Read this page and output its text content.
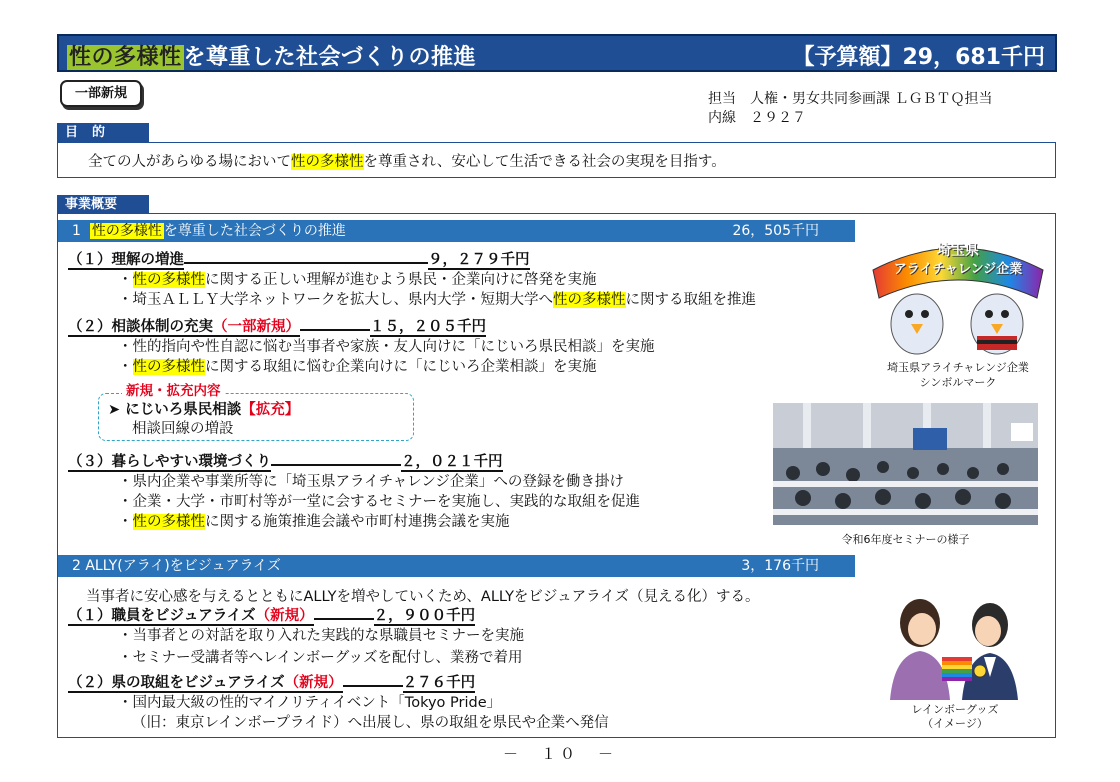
性の多様性を尊重した社会づくりの推進	【予算額】29，681千円
一部新規	担当　人権・男女共同参画課 ＬＧＢＴＱ担当
内線　２９２７
目的
全ての人があらゆる場において性の多様性を尊重され、安心して生活できる社会の実現を目指す。
事業概要
1 性の多様性 を尊重した社会づくりの推進	26，505千円
（１）理解の増進	９，２７９千円
・性の多様性に関する正しい理解が進むよう県民・企業向けに啓発を実施
・埼玉ＡＬＬＹ大学ネットワークを拡大し、県内大学・短期大学へ性の多様性に関する取組を推進
（２）相談体制の充実（一部新規）	１５，２０５千円
・性的指向や性自認に悩む当事者や家族・友人向けに「にじいろ県民相談」を実施
・性の多様性に関する取組に悩む企業向けに「にじいろ企業相談」を実施
新規・拡充内容
➤ にじいろ県民相談【拡充】
相談回線の増設
（３）暮らしやすい環境づくり	２，０２１千円
・県内企業や事業所等に「埼玉県アライチャレンジ企業」への登録を働き掛け
・企業・大学・市町村等が一堂に会するセミナーを実施し、実践的な取組を促進
・性の多様性に関する施策推進会議や市町村連携会議を実施
2 ALLY(アライ)をビジュアライズ	3，176千円
当事者に安心感を与えるとともにALLYを増やしていくため、ALLYをビジュアライズ（見える化）する。
（１）職員をビジュアライズ（新規）	２，９００千円
・当事者との対話を取り入れた実践的な県職員セミナーを実施
・セミナー受講者等へレインボーグッズを配付し、業務で着用
（２）県の取組をビジュアライズ（新規）	２７６千円
・国内最大級の性的マイノリティイベント「Tokyo Pride」
（旧：東京レインボープライド）へ出展し、県の取組を県民や企業へ発信
埼玉県
アライチャレンジ企業
埼玉県アライチャレンジ企業
シンボルマーク
令和6年度セミナーの様子
レインボーグッズ
（イメージ）
－　１０　－
